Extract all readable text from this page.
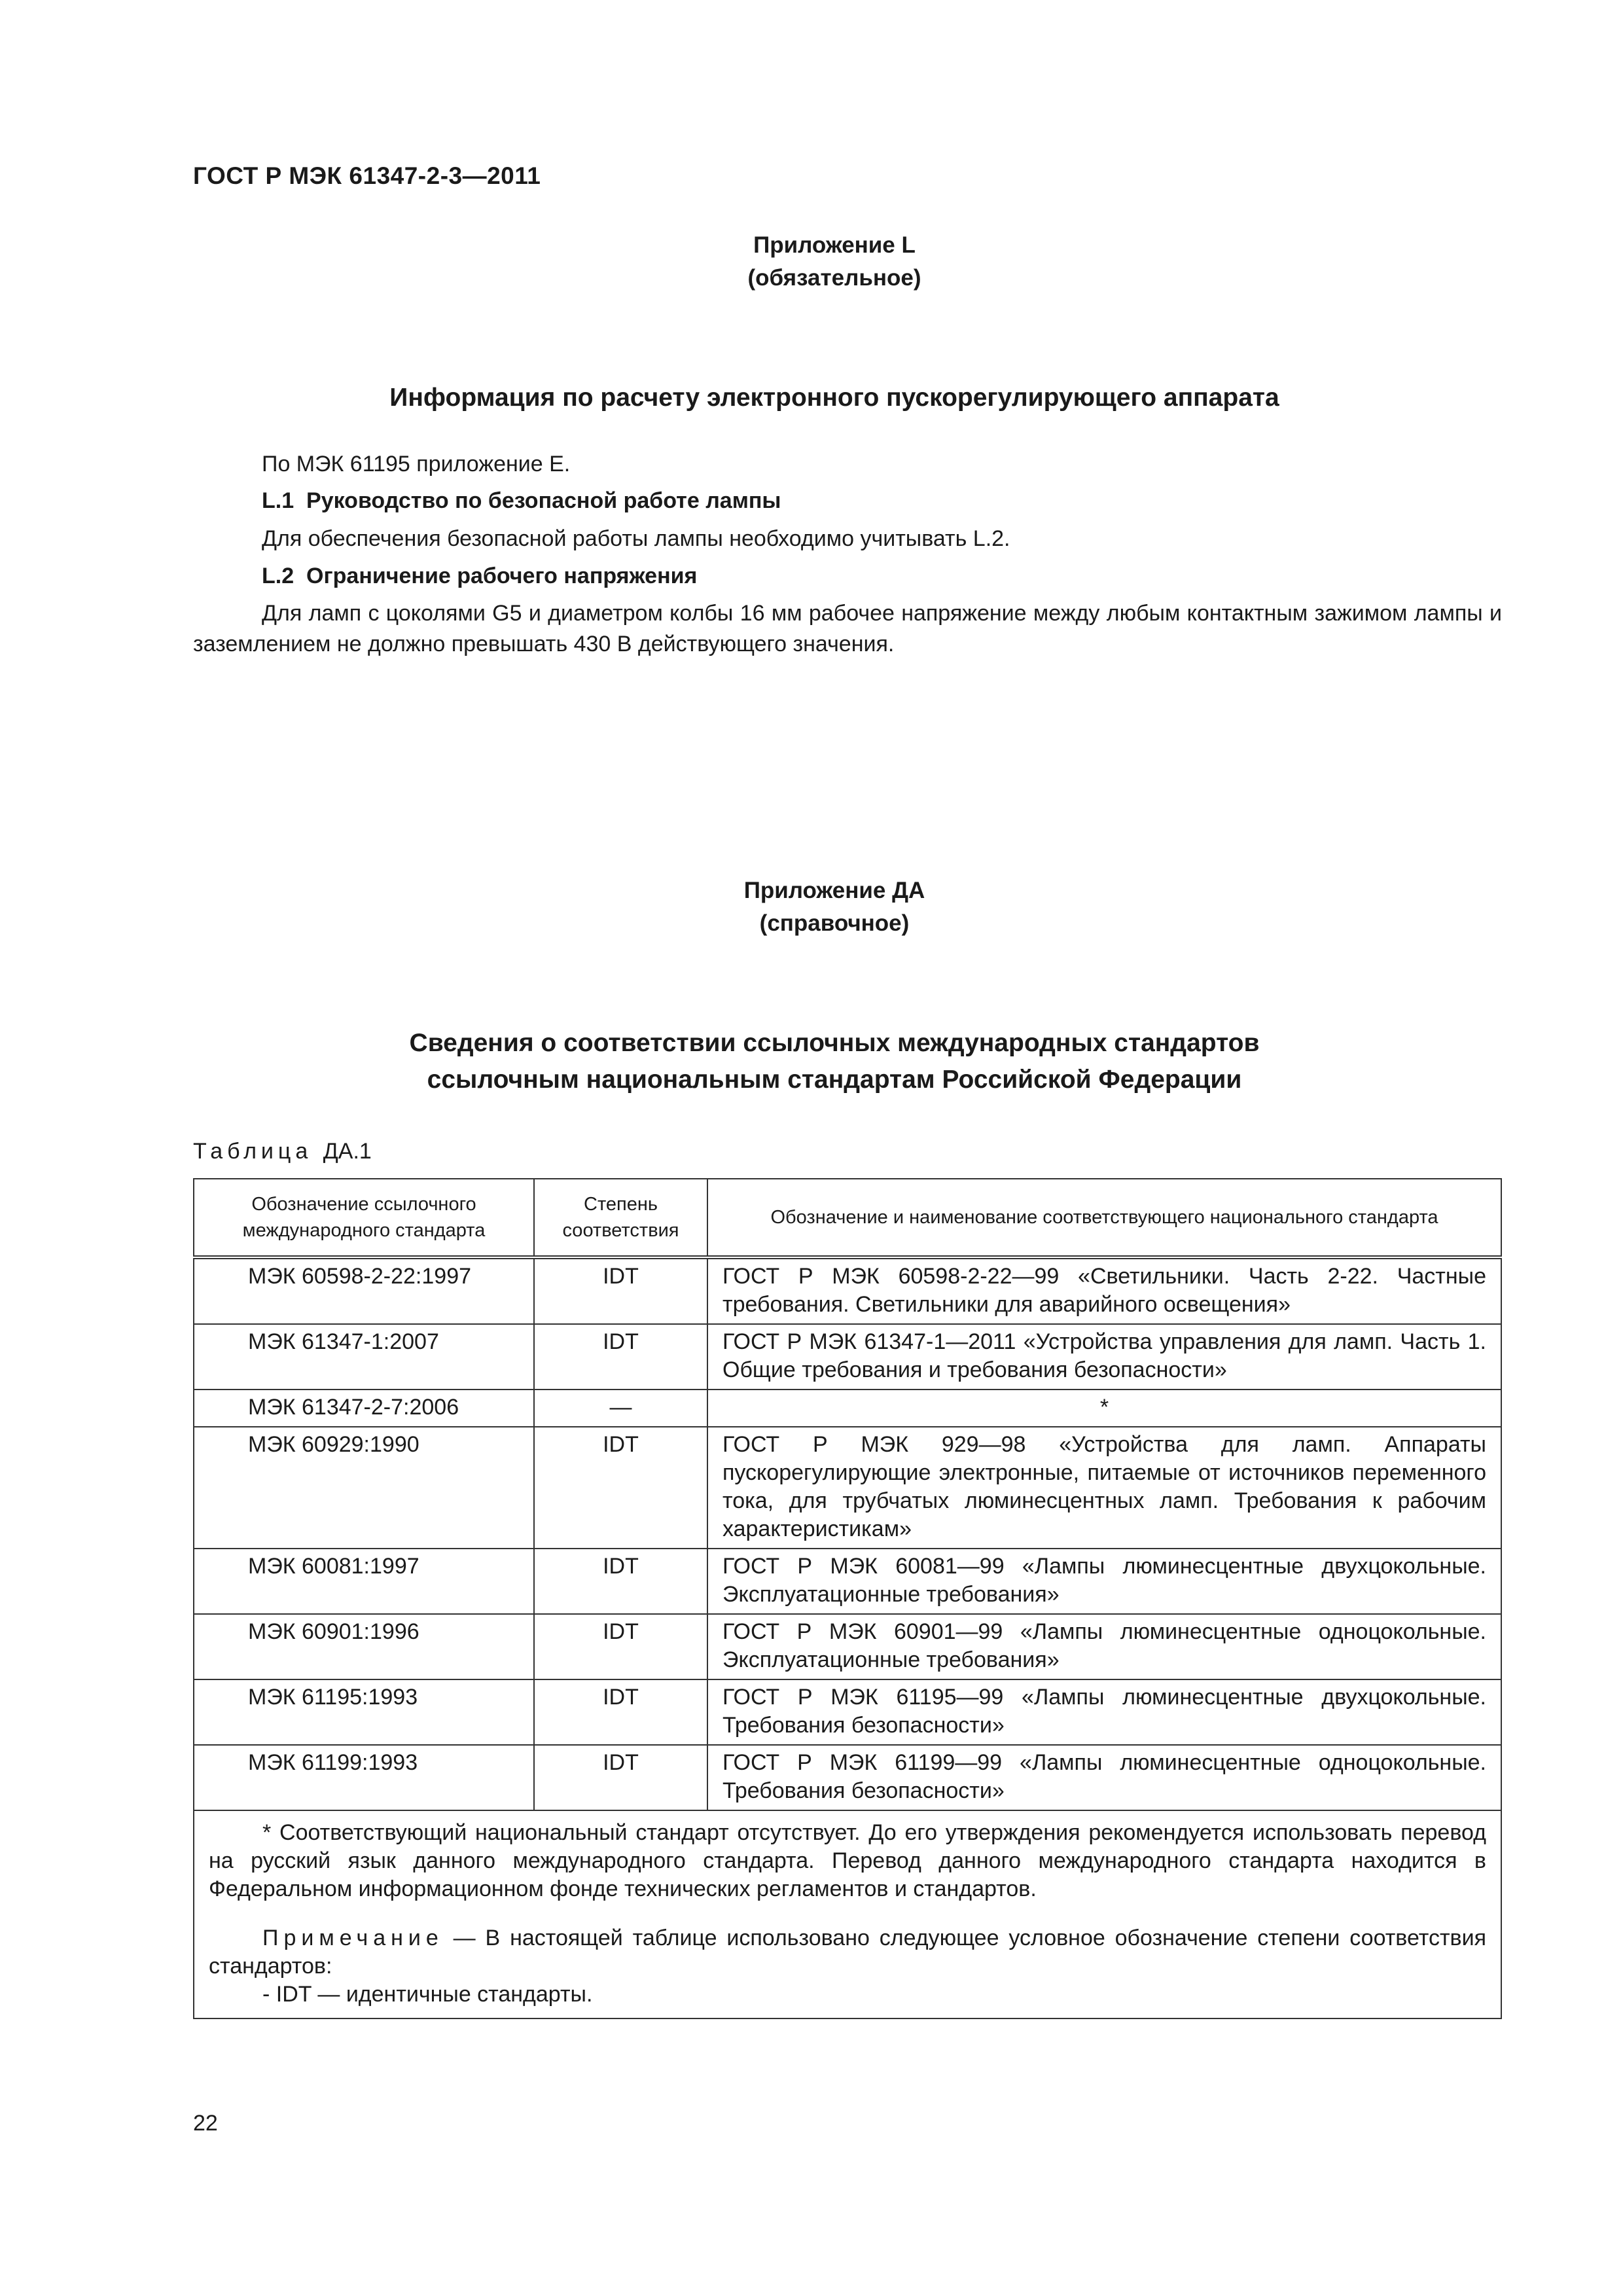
ГОСТ Р МЭК 61347-2-3—2011
Приложение L
(обязательное)
Информация по расчету электронного пускорегулирующего аппарата
По МЭК 61195 приложение Е.
L.1 Руководство по безопасной работе лампы
Для обеспечения безопасной работы лампы необходимо учитывать L.2.
L.2 Ограничение рабочего напряжения
Для ламп с цоколями G5 и диаметром колбы 16 мм рабочее напряжение между любым контактным зажимом лампы и заземлением не должно превышать 430 В действующего значения.
Приложение ДА
(справочное)
Сведения о соответствии ссылочных международных стандартов
ссылочным национальным стандартам Российской Федерации
Таблица ДА.1
Обозначение ссылочного международного стандарта	Степень соответствия	Обозначение и наименование соответствующего национального стандарта
МЭК 60598-2-22:1997	IDT	ГОСТ Р МЭК 60598-2-22—99 «Светильники. Часть 2-22. Частные требования. Светильники для аварийного освещения»
МЭК 61347-1:2007	IDT	ГОСТ Р МЭК 61347-1—2011 «Устройства управления для ламп. Часть 1. Общие требования и требования безопасности»
МЭК 61347-2-7:2006	—	*
МЭК 60929:1990	IDT	ГОСТ Р МЭК 929—98 «Устройства для ламп. Аппараты пускорегулирующие электронные, питаемые от источников переменного тока, для трубчатых люминесцентных ламп. Требования к рабочим характеристикам»
МЭК 60081:1997	IDT	ГОСТ Р МЭК 60081—99 «Лампы люминесцентные двухцокольные. Эксплуатационные требования»
МЭК 60901:1996	IDT	ГОСТ Р МЭК 60901—99 «Лампы люминесцентные одноцокольные. Эксплуатационные требования»
МЭК 61195:1993	IDT	ГОСТ Р МЭК 61195—99 «Лампы люминесцентные двухцокольные. Требования безопасности»
МЭК 61199:1993	IDT	ГОСТ Р МЭК 61199—99 «Лампы люминесцентные одноцокольные. Требования безопасности»

* Соответствующий национальный стандарт отсутствует. До его утверждения рекомендуется использовать перевод на русский язык данного международного стандарта. Перевод данного международного стандарта находится в Федеральном информационном фонде технических регламентов и стандартов.

Примечание — В настоящей таблице использовано следующее условное обозначение степени соответствия стандартов:

- IDT — идентичные стандарты.		

22
